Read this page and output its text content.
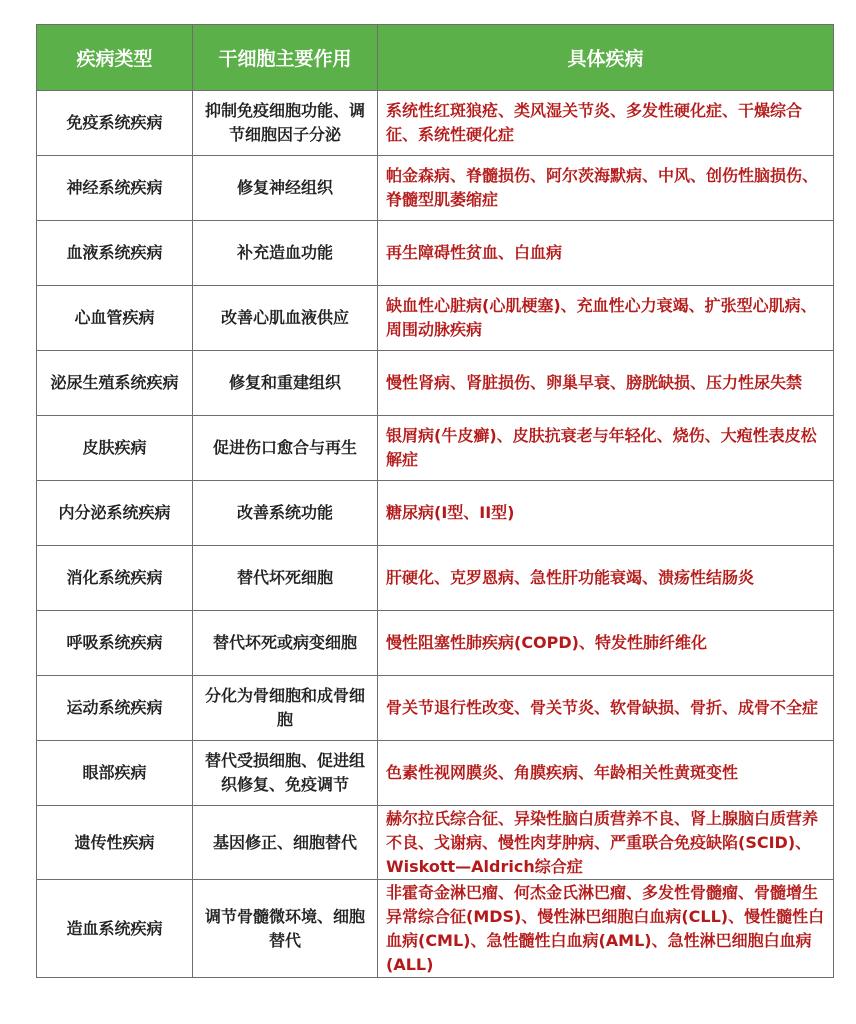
疾病类型	干细胞主要作用	具体疾病
免疫系统疾病	抑制免疫细胞功能、调节细胞因子分泌	系统性红斑狼疮、类风湿关节炎、多发性硬化症、干燥综合征、系统性硬化症
神经系统疾病	修复神经组织	帕金森病、脊髓损伤、阿尔茨海默病、中风、创伤性脑损伤、脊髓型肌萎缩症
血液系统疾病	补充造血功能	再生障碍性贫血、白血病
心血管疾病	改善心肌血液供应	缺血性心脏病(心肌梗塞)、充血性心力衰竭、扩张型心肌病、周围动脉疾病
泌尿生殖系统疾病	修复和重建组织	慢性肾病、肾脏损伤、卵巢早衰、膀胱缺损、压力性尿失禁
皮肤疾病	促进伤口愈合与再生	银屑病(牛皮癣)、皮肤抗衰老与年轻化、烧伤、大疱性表皮松解症
内分泌系统疾病	改善系统功能	糖尿病(I型、II型)
消化系统疾病	替代坏死细胞	肝硬化、克罗恩病、急性肝功能衰竭、溃疡性结肠炎
呼吸系统疾病	替代坏死或病变细胞	慢性阻塞性肺疾病(COPD)、特发性肺纤维化
运动系统疾病	分化为骨细胞和成骨细胞	骨关节退行性改变、骨关节炎、软骨缺损、骨折、成骨不全症
眼部疾病	替代受损细胞、促进组织修复、免疫调节	色素性视网膜炎、角膜疾病、年龄相关性黄斑变性
遗传性疾病	基因修正、细胞替代	赫尔拉氏综合征、异染性脑白质营养不良、肾上腺脑白质营养不良、戈谢病、慢性肉芽肿病、严重联合免疫缺陷(SCID)、Wiskott—Aldrich综合症
造血系统疾病	调节骨髓微环境、细胞替代	非霍奇金淋巴瘤、何杰金氏淋巴瘤、多发性骨髓瘤、骨髓增生异常综合征(MDS)、慢性淋巴细胞白血病(CLL)、慢性髓性白血病(CML)、急性髓性白血病(AML)、急性淋巴细胞白血病(ALL)
